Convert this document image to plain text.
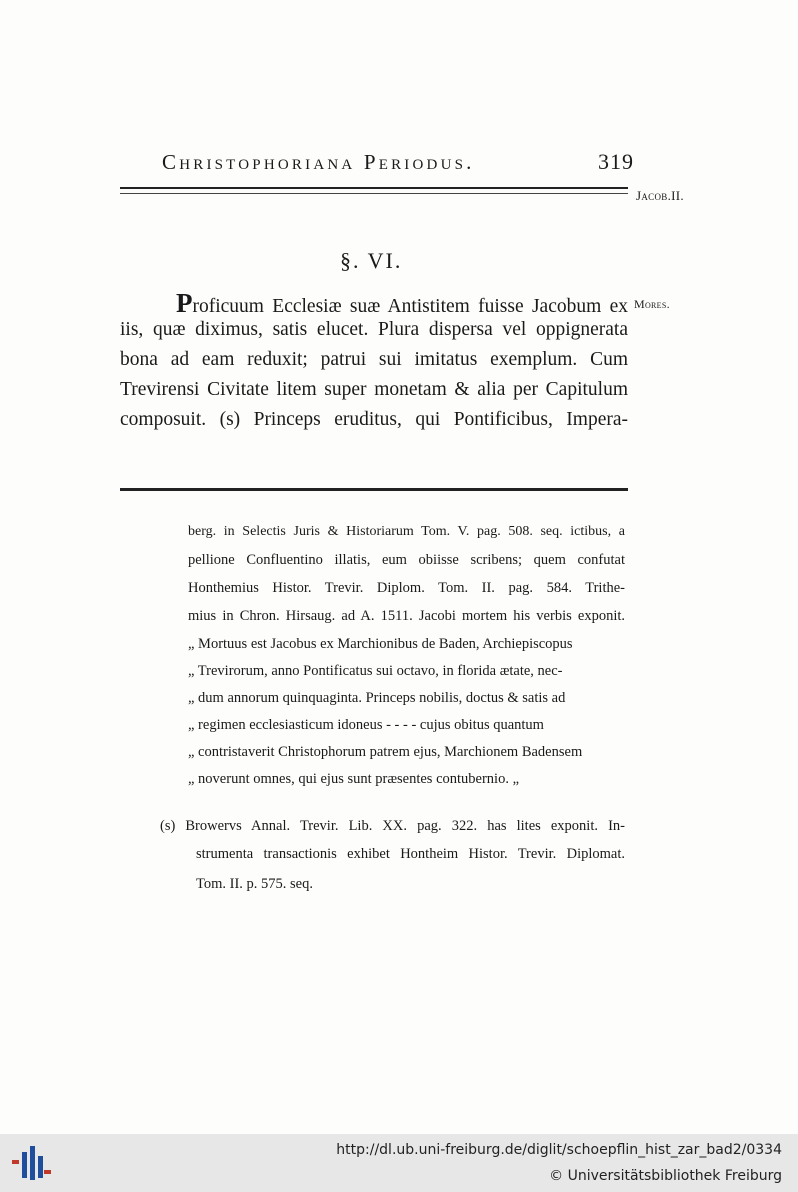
Christophoriana Periodus.	319
Jacob.II.
§. VI.
Proficuum Ecclesiæ suæ Antistitem fuisse Jacobum ex Mores.
iis, quæ diximus, satis elucet. Plura dispersa vel oppignerata
bona ad eam reduxit; patrui sui imitatus exemplum. Cum
Trevirensi Civitate litem super monetam & alia per Capitulum
composuit. (s) Princeps eruditus, qui Pontificibus, Impera-
berg. in Selectis Juris & Historiarum Tom. V. pag. 508. seq. ictibus, a
pellione Confluentino illatis, eum obiisse scribens; quem confutat
Honthemius Histor. Trevir. Diplom. Tom. II. pag. 584. Trithe-
mius in Chron. Hirsaug. ad A. 1511. Jacobi mortem his verbis exponit.
„ Mortuus est Jacobus ex Marchionibus de Baden, Archiepiscopus
„ Trevirorum, anno Pontificatus sui octavo, in florida ætate, nec-
„ dum annorum quinquaginta. Princeps nobilis, doctus & satis ad
„ regimen ecclesiasticum idoneus - - - - cujus obitus quantum
„ contristaverit Christophorum patrem ejus, Marchionem Badensem
„ noverunt omnes, qui ejus sunt præsentes contubernio. „
(s) Browervs Annal. Trevir. Lib. XX. pag. 322. has lites exponit. In-
strumenta transactionis exhibet Hontheim Histor. Trevir. Diplomat.
Tom. II. p. 575. seq.
http://dl.ub.uni-freiburg.de/diglit/schoepflin_hist_zar_bad2/0334
© Universitätsbibliothek Freiburg
